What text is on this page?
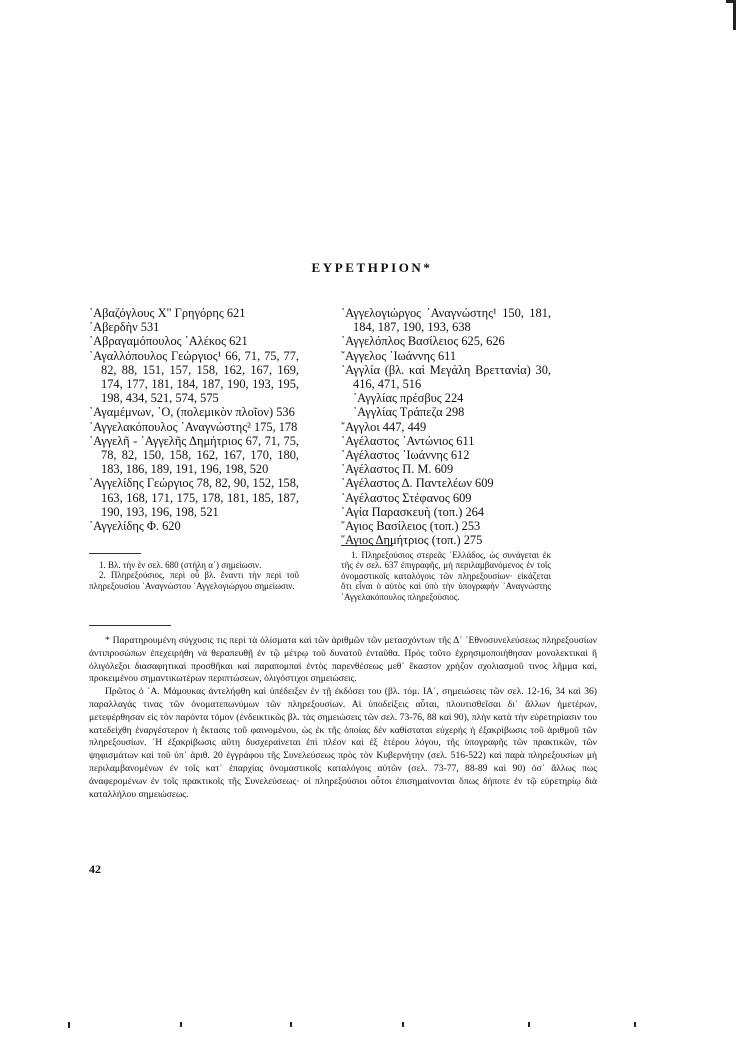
ΕΥΡΕΤΗΡΙΟΝ*
᾿Αβαζόγλους Χ" Γρηγόρης 621
᾿Αβερδὴν 531
᾿Αβραγαμόπουλος ᾿Αλέκος 621
᾿Αγαλλόπουλος Γεώργιος¹ 66, 71, 75, 77, 82, 88, 151, 157, 158, 162, 167, 169, 174, 177, 181, 184, 187, 190, 193, 195, 198, 434, 521, 574, 575
᾿Αγαμέμνων, ᾿Ο, (πολεμικὸν πλοῖον) 536
᾿Αγγελακόπουλος ᾿Αναγνώστης² 175, 178
᾿Αγγελῆ - ᾿Αγγελῆς Δημήτριος 67, 71, 75, 78, 82, 150, 158, 162, 167, 170, 180, 183, 186, 189, 191, 196, 198, 520
᾿Αγγελίδης Γεώργιος 78, 82, 90, 152, 158, 163, 168, 171, 175, 178, 181, 185, 187, 190, 193, 196, 198, 521
᾿Αγγελίδης Φ. 620
᾿Αγγελογιώργος ᾿Αναγνώστης¹ 150, 181, 184, 187, 190, 193, 638
᾿Αγγελόπλος Βασίλειος 625, 626
῎Αγγελος ᾿Ιωάννης 611
᾿Αγγλία (βλ. καὶ Μεγάλη Βρεττανία) 30, 416, 471, 516
᾿Αγγλίας πρέσβυς 224
᾿Αγγλίας Τράπεζα 298
῎Αγγλοι 447, 449
᾿Αγέλαστος ᾿Αντώνιος 611
᾿Αγέλαστος ᾿Ιωάννης 612
᾿Αγέλαστος Π. Μ. 609
᾿Αγέλαστος Δ. Παντελέων 609
᾿Αγέλαστος Στέφανος 609
῾Αγία Παρασκευὴ (τοπ.) 264
῞Αγιος Βασίλειος (τοπ.) 253
῞Αγιος Δημήτριος (τοπ.) 275

1. Βλ. τὴν ἐν σελ. 680 (στήλη α΄) σημείωσιν.

2. Πληρεξούσιος, περὶ οὗ βλ. ἔναντι τὴν περὶ τοῦ πληρεξουσίου ᾿Αναγνώστου ᾿Αγγελογιώργου σημείωσιν.

1. Πληρεξούσιος στερεᾶς ῾Ελλάδος, ὡς συνάγεται ἐκ τῆς ἐν σελ. 637 ἐπιγραφῆς, μὴ περιλαμβανόμενος ἐν τοῖς ὀνομαστικοῖς καταλόγοις τῶν πληρεξουσίων· εἰκάζεται ὅτι εἶναι ὁ αὐτὸς καὶ ὑπὸ τὴν ὑπογραφὴν ᾿Αναγνώστης ᾿Αγγελακόπουλος πληρεξούσιος.

* Παρατηρουμένη σύγχυσις τις περὶ τὰ ὀλίσματα καὶ τῶν ἀριθμῶν τῶν μετασχόντων τῆς Δ΄ ᾿Εθνοσυνελεύσεως πληρεξουσίων ἀντιπροσώπων ἐπεχειρήθη νὰ θεραπευθῇ ἐν τῷ μέτρῳ τοῦ δυνατοῦ ἐνταῦθα. Πρὸς τοῦτο ἐχρησιμοποιήθησαν μονολεκτικαὶ ἢ ὀλιγόλεξοι διασαφητικαὶ προσθῆκαι καὶ παραπομπαὶ ἐντὸς παρενθέσεως μεθ᾿ ἕκαστον χρήζον σχολιασμοῦ τινος λῆμμα καί, προκειμένου σημαντικωτέρων περιπτώσεων, ὀλιγόστιχοι σημειώσεις.

Πρῶτος ὁ ᾿Α. Μάμουκας ἀντελήφθη καὶ ὑπέδειξεν ἐν τῇ ἐκδόσει του (βλ. τόμ. ΙΑ΄, σημειώσεις τῶν σελ. 12-16, 34 καὶ 36) παραλλαγάς τινας τῶν ὀνοματεπωνύμων τῶν πληρεξουσίων. Αἱ ὑποδείξεις αὗται, πλουτισθεῖσαι δι᾿ ἄλλων ἡμετέρων, μετεφέρθησαν εἰς τὸν παρόντα τόμον (ἐνδεικτικῶς βλ. τὰς σημειώσεις τῶν σελ. 73-76, 88 καὶ 90), πλὴν κατὰ τὴν εὑρετηρίασιν του κατεδείχθη ἐναργέστερον ἡ ἔκτασις τοῦ φαινομένου, ὡς ἐκ τῆς ὁποίας δὲν καθίσταται εὐχερὴς ἡ ἐξακρίβωσις τοῦ ἀριθμοῦ τῶν πληρεξουσίων. ῾Η ἐξακρίβωσις αὕτη δυσχεραίνεται ἐπὶ πλέον καὶ ἐξ ἑτέρου λόγου, τῆς ὑπογραφῆς τῶν πρακτικῶν, τῶν ψηφισμάτων καὶ τοῦ ὑπ᾿ ἀριθ. 20 ἐγγράφου τῆς Συνελεύσεως πρὸς τὸν Κυβερνήτην (σελ. 516-522) καὶ παρὰ πληρεξουσίων μὴ περιλαμβανομένων ἐν τοῖς κατ᾿ ἐπαρχίας ὀνομαστικοῖς καταλόγοις αὐτῶν (σελ. 73-77, 88-89 καὶ 90) ὁσ᾿ ἄλλως πως ἀναφερομένων ἐν τοῖς πρακτικοῖς τῆς Συνελεύσεως· οἱ πληρεξούσιοι οὗτοι ἐπισημαίνονται ὅπως δήποτε ἐν τῷ εὑρετηρίῳ διὰ καταλλήλου σημειώσεως.

42
